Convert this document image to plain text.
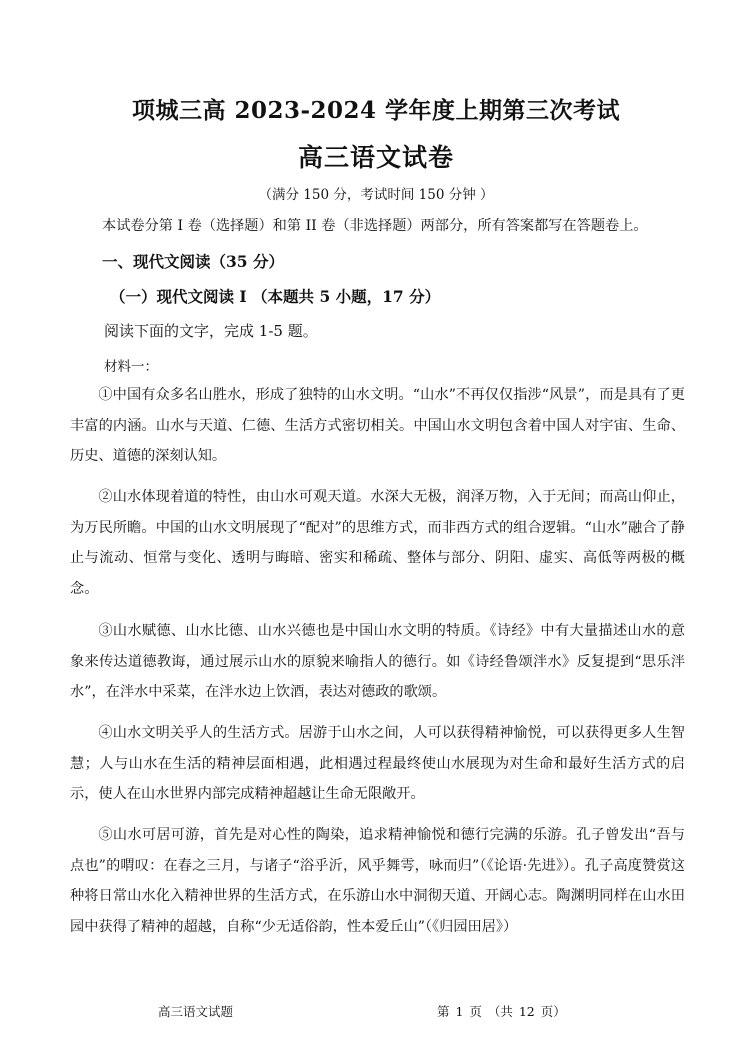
项城三高 2023-2024 学年度上期第三次考试
高三语文试卷
（满分 150 分，考试时间 150 分钟 ）
本试卷分第 I 卷（选择题）和第 II 卷（非选择题）两部分，所有答案都写在答题卷上。
一、现代文阅读（35 分）
（一）现代文阅读 I （本题共 5 小题，17 分）
阅读下面的文字，完成 1-5 题。
材料一：

①中国有众多名山胜水，形成了独特的山水文明。“山水”不再仅仅指涉“风景”，而是具有了更丰富的内涵。山水与天道、仁德、生活方式密切相关。中国山水文明包含着中国人对宇宙、生命、历史、道德的深刻认知。

②山水体现着道的特性，由山水可观天道。水深大无极，润泽万物，入于无间；而高山仰止，为万民所瞻。中国的山水文明展现了“配对”的思维方式，而非西方式的组合逻辑。“山水”融合了静止与流动、恒常与变化、透明与晦暗、密实和稀疏、整体与部分、阴阳、虚实、高低等两极的概念。

③山水赋德、山水比德、山水兴德也是中国山水文明的特质。《诗经》中有大量描述山水的意象来传达道德教诲，通过展示山水的原貌来喻指人的德行。如《诗经鲁颂泮水》反复提到“思乐泮水”，在泮水中采菜，在泮水边上饮酒，表达对德政的歌颂。

④山水文明关乎人的生活方式。居游于山水之间，人可以获得精神愉悦，可以获得更多人生智慧；人与山水在生活的精神层面相遇，此相遇过程最终使山水展现为对生命和最好生活方式的启示，使人在山水世界内部完成精神超越让生命无限敞开。

⑤山水可居可游，首先是对心性的陶染，追求精神愉悦和德行完满的乐游。孔子曾发出“吾与点也”的喟叹：在春之三月，与诸子“浴乎沂，风乎舞雩，咏而归”（《论语·先进》）。孔子高度赞赏这种将日常山水化入精神世界的生活方式，在乐游山水中洞彻天道、开阔心志。陶渊明同样在山水田园中获得了精神的超越，自称“少无适俗韵，性本爱丘山”（《归园田居》）

高三语文试题	第 1 页 （共 12 页）
